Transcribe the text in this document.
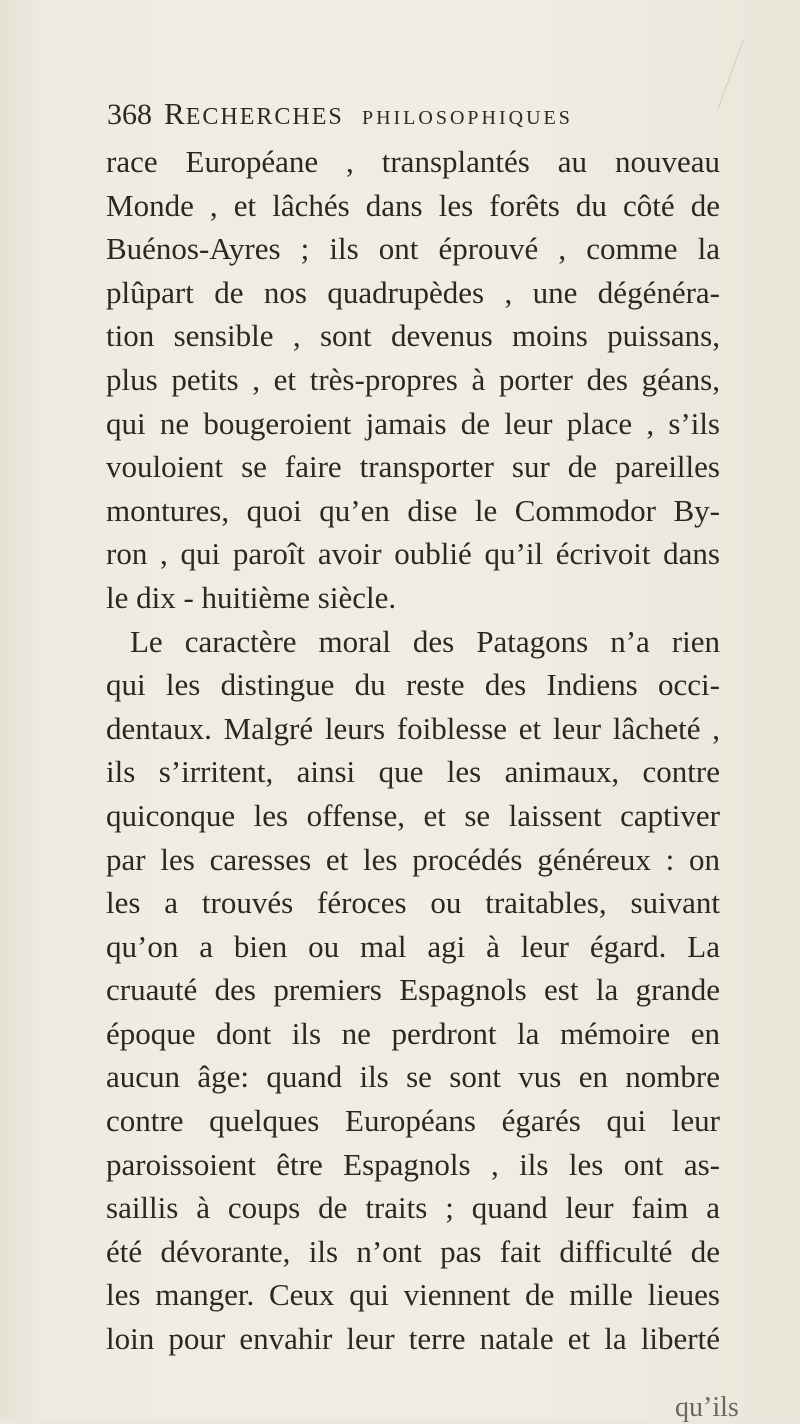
368 RECHERCHES PHILOSOPHIQUES
race Européane , transplantés au nouveau
Monde , et lâchés dans les forêts du côté de
Buénos-Ayres ; ils ont éprouvé , comme la
plûpart de nos quadrupèdes , une dégénéra-
tion sensible , sont devenus moins puissans,
plus petits , et très-propres à porter des géans,
qui ne bougeroient jamais de leur place , s’ils
vouloient se faire transporter sur de pareilles
montures, quoi qu’en dise le Commodor By-
ron , qui paroît avoir oublié qu’il écrivoit dans
le dix - huitième siècle.
Le caractère moral des Patagons n’a rien
qui les distingue du reste des Indiens occi-
dentaux. Malgré leurs foiblesse et leur lâcheté ,
ils s’irritent, ainsi que les animaux, contre
quiconque les offense, et se laissent captiver
par les caresses et les procédés généreux : on
les a trouvés féroces ou traitables, suivant
qu’on a bien ou mal agi à leur égard. La
cruauté des premiers Espagnols est la grande
époque dont ils ne perdront la mémoire en
aucun âge: quand ils se sont vus en nombre
contre quelques Européans égarés qui leur
paroissoient être Espagnols , ils les ont as-
saillis à coups de traits ; quand leur faim a
été dévorante, ils n’ont pas fait difficulté de
les manger. Ceux qui viennent de mille lieues
loin pour envahir leur terre natale et la liberté
qu’ils
